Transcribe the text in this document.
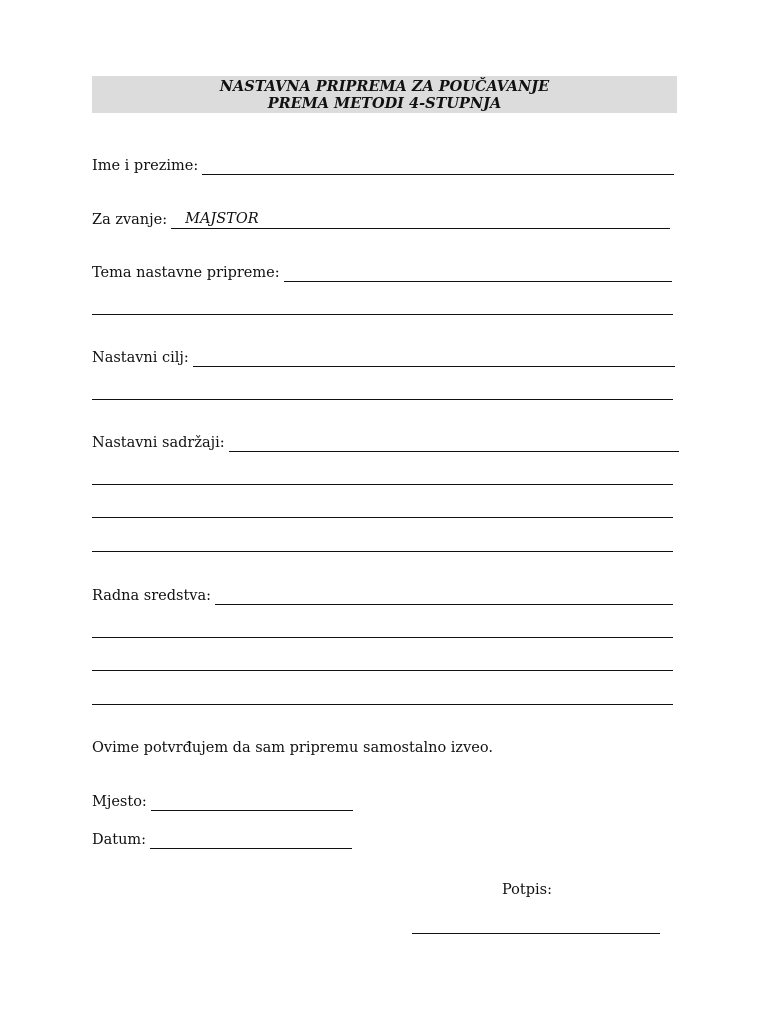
NASTAVNA PRIPREMA ZA POUČAVANJE
PREMA METODI 4-STUPNJA
Ime i prezime:
Za zvanje: MAJSTOR
Tema nastavne pripreme:
Nastavni cilj:
Nastavni sadržaji:
Radna sredstva:
Ovime potvrđujem da sam pripremu samostalno izveo.
Mjesto:
Datum:
Potpis:
